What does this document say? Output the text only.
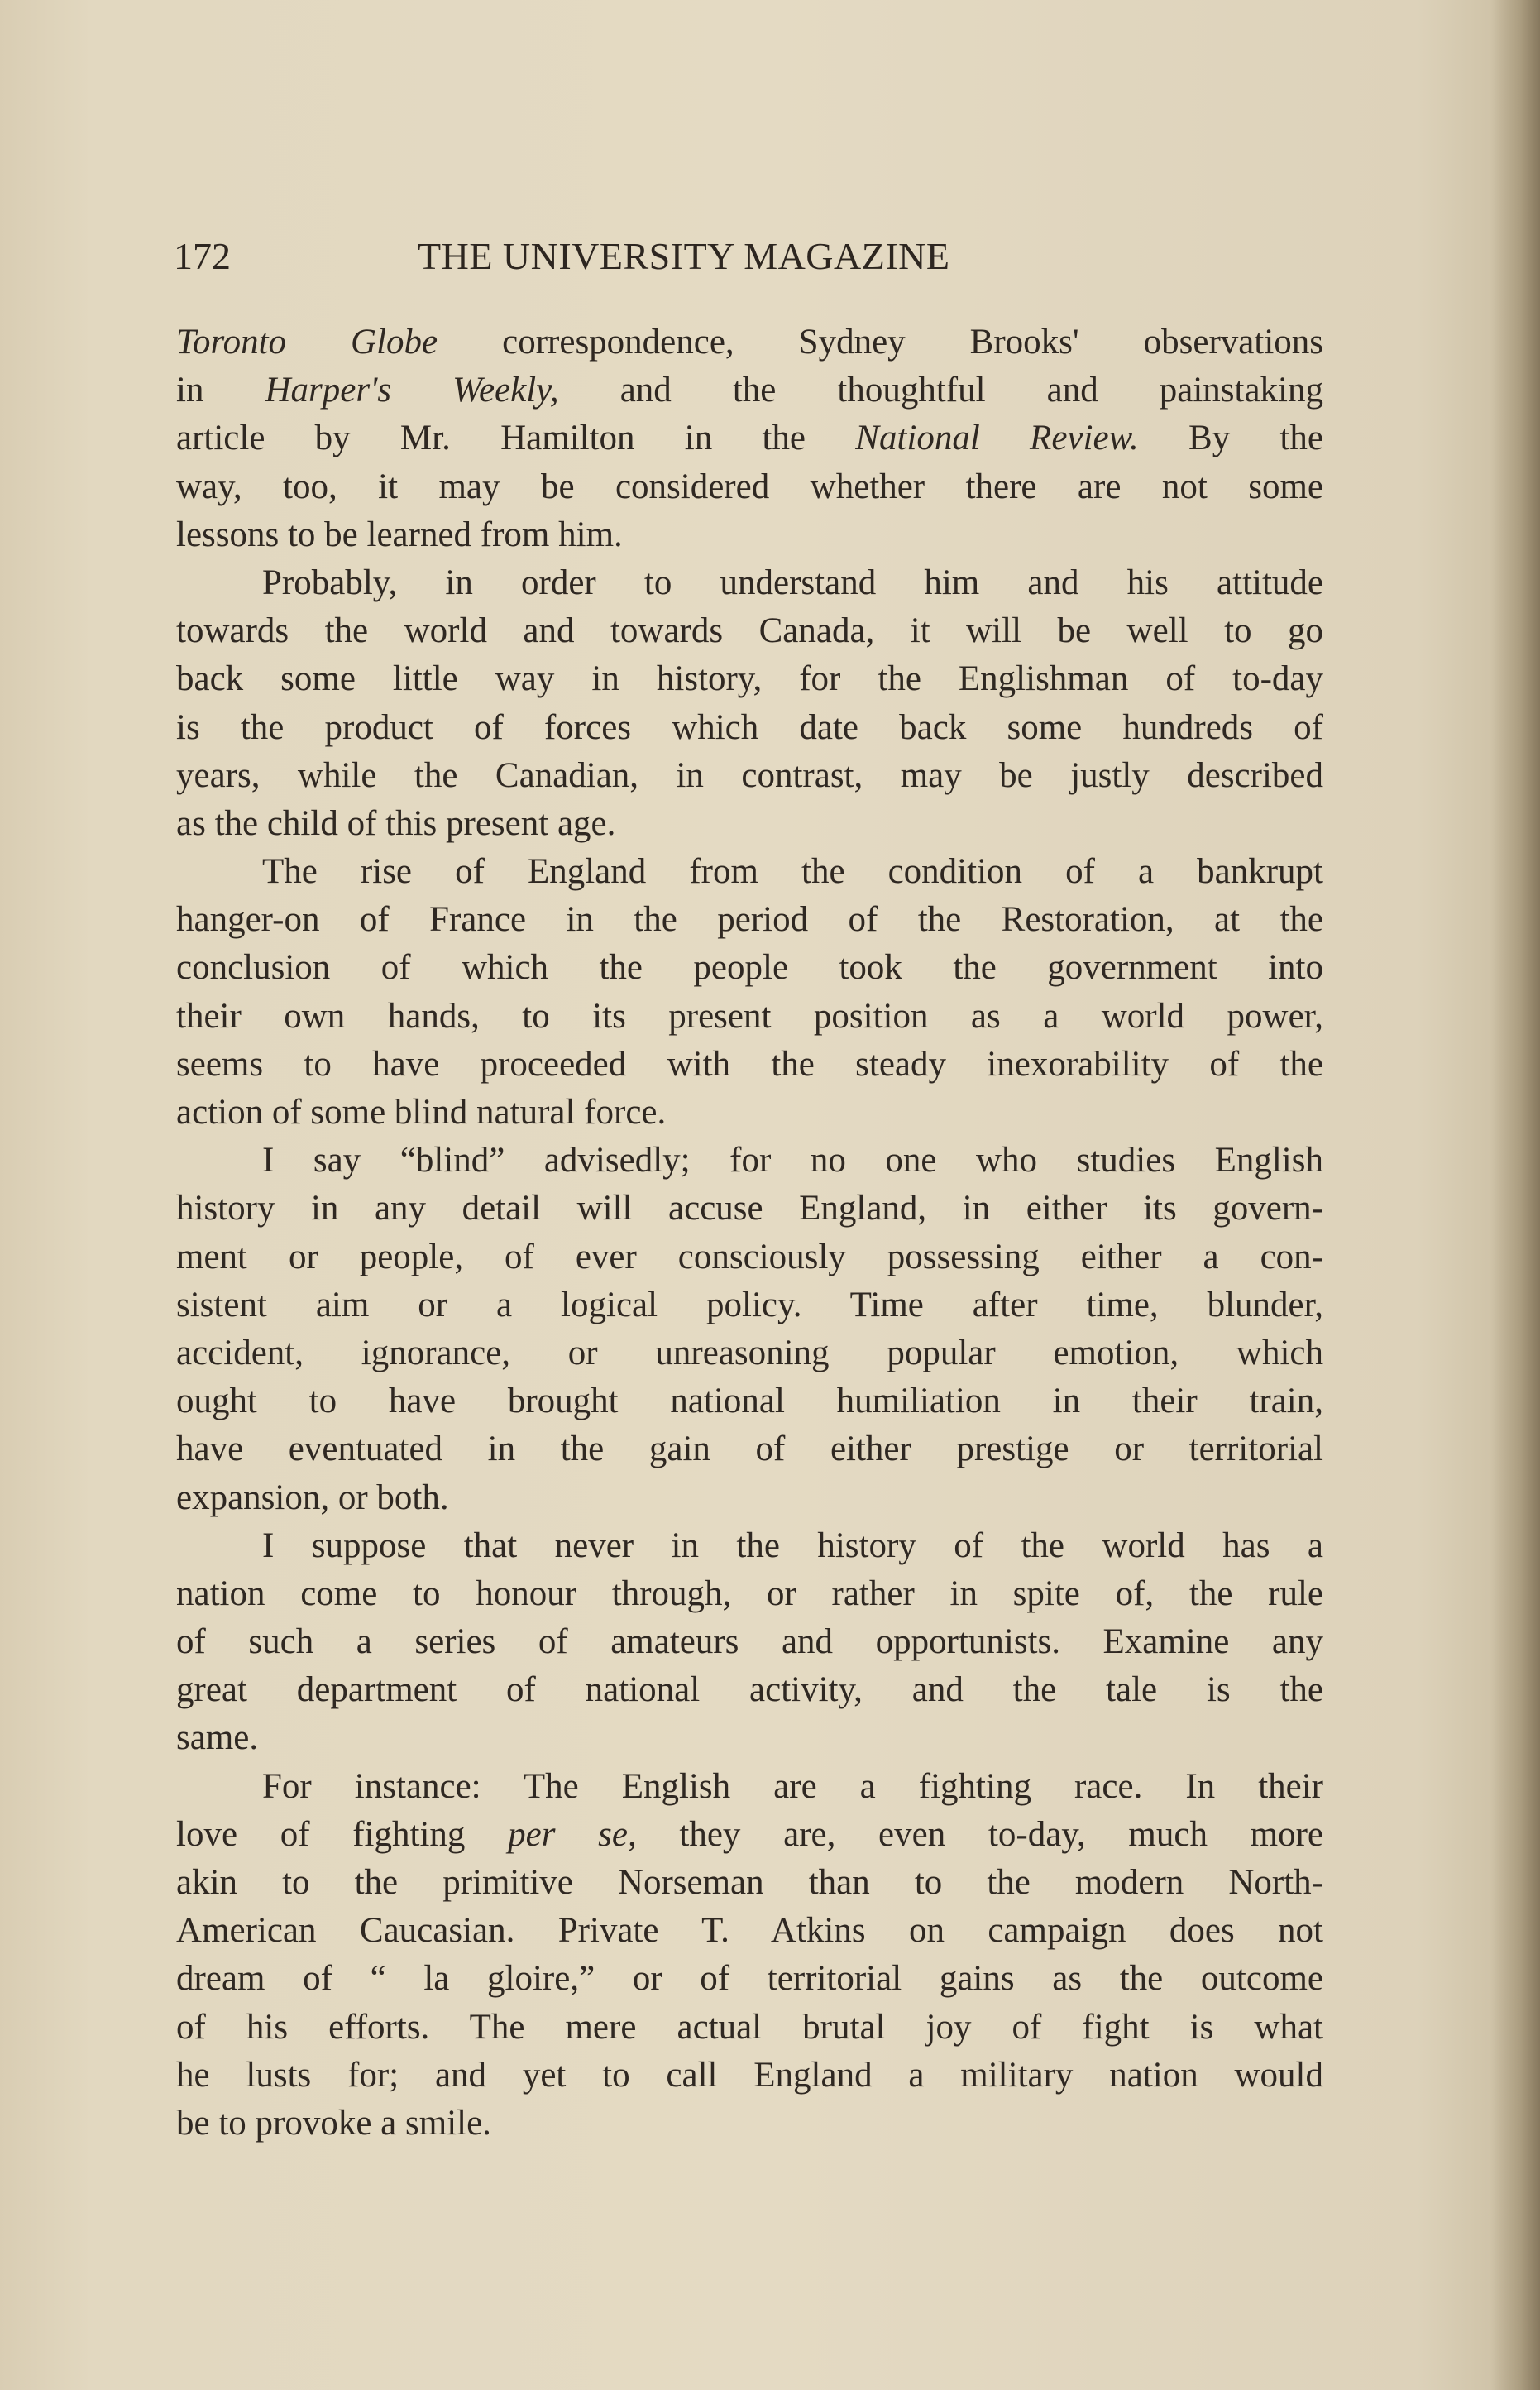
172	THE UNIVERSITY MAGAZINE
Toronto Globe correspondence, Sydney Brooks' observations
in Harper's Weekly, and the thoughtful and painstaking
article by Mr. Hamilton in the National Review. By the
way, too, it may be considered whether there are not some
lessons to be learned from him.
Probably, in order to understand him and his attitude
towards the world and towards Canada, it will be well to go
back some little way in history, for the Englishman of to-day
is the product of forces which date back some hundreds of
years, while the Canadian, in contrast, may be justly described
as the child of this present age.
The rise of England from the condition of a bankrupt
hanger-on of France in the period of the Restoration, at the
conclusion of which the people took the government into
their own hands, to its present position as a world power,
seems to have proceeded with the steady inexorability of the
action of some blind natural force.
I say “blind” advisedly; for no one who studies English
history in any detail will accuse England, in either its govern-
ment or people, of ever consciously possessing either a con-
sistent aim or a logical policy. Time after time, blunder,
accident, ignorance, or unreasoning popular emotion, which
ought to have brought national humiliation in their train,
have eventuated in the gain of either prestige or territorial
expansion, or both.
I suppose that never in the history of the world has a
nation come to honour through, or rather in spite of, the rule
of such a series of amateurs and opportunists. Examine any
great department of national activity, and the tale is the
same.
For instance: The English are a fighting race. In their
love of fighting per se, they are, even to-day, much more
akin to the primitive Norseman than to the modern North-
American Caucasian. Private T. Atkins on campaign does not
dream of “ la gloire,” or of territorial gains as the outcome
of his efforts. The mere actual brutal joy of fight is what
he lusts for; and yet to call England a military nation would
be to provoke a smile.
